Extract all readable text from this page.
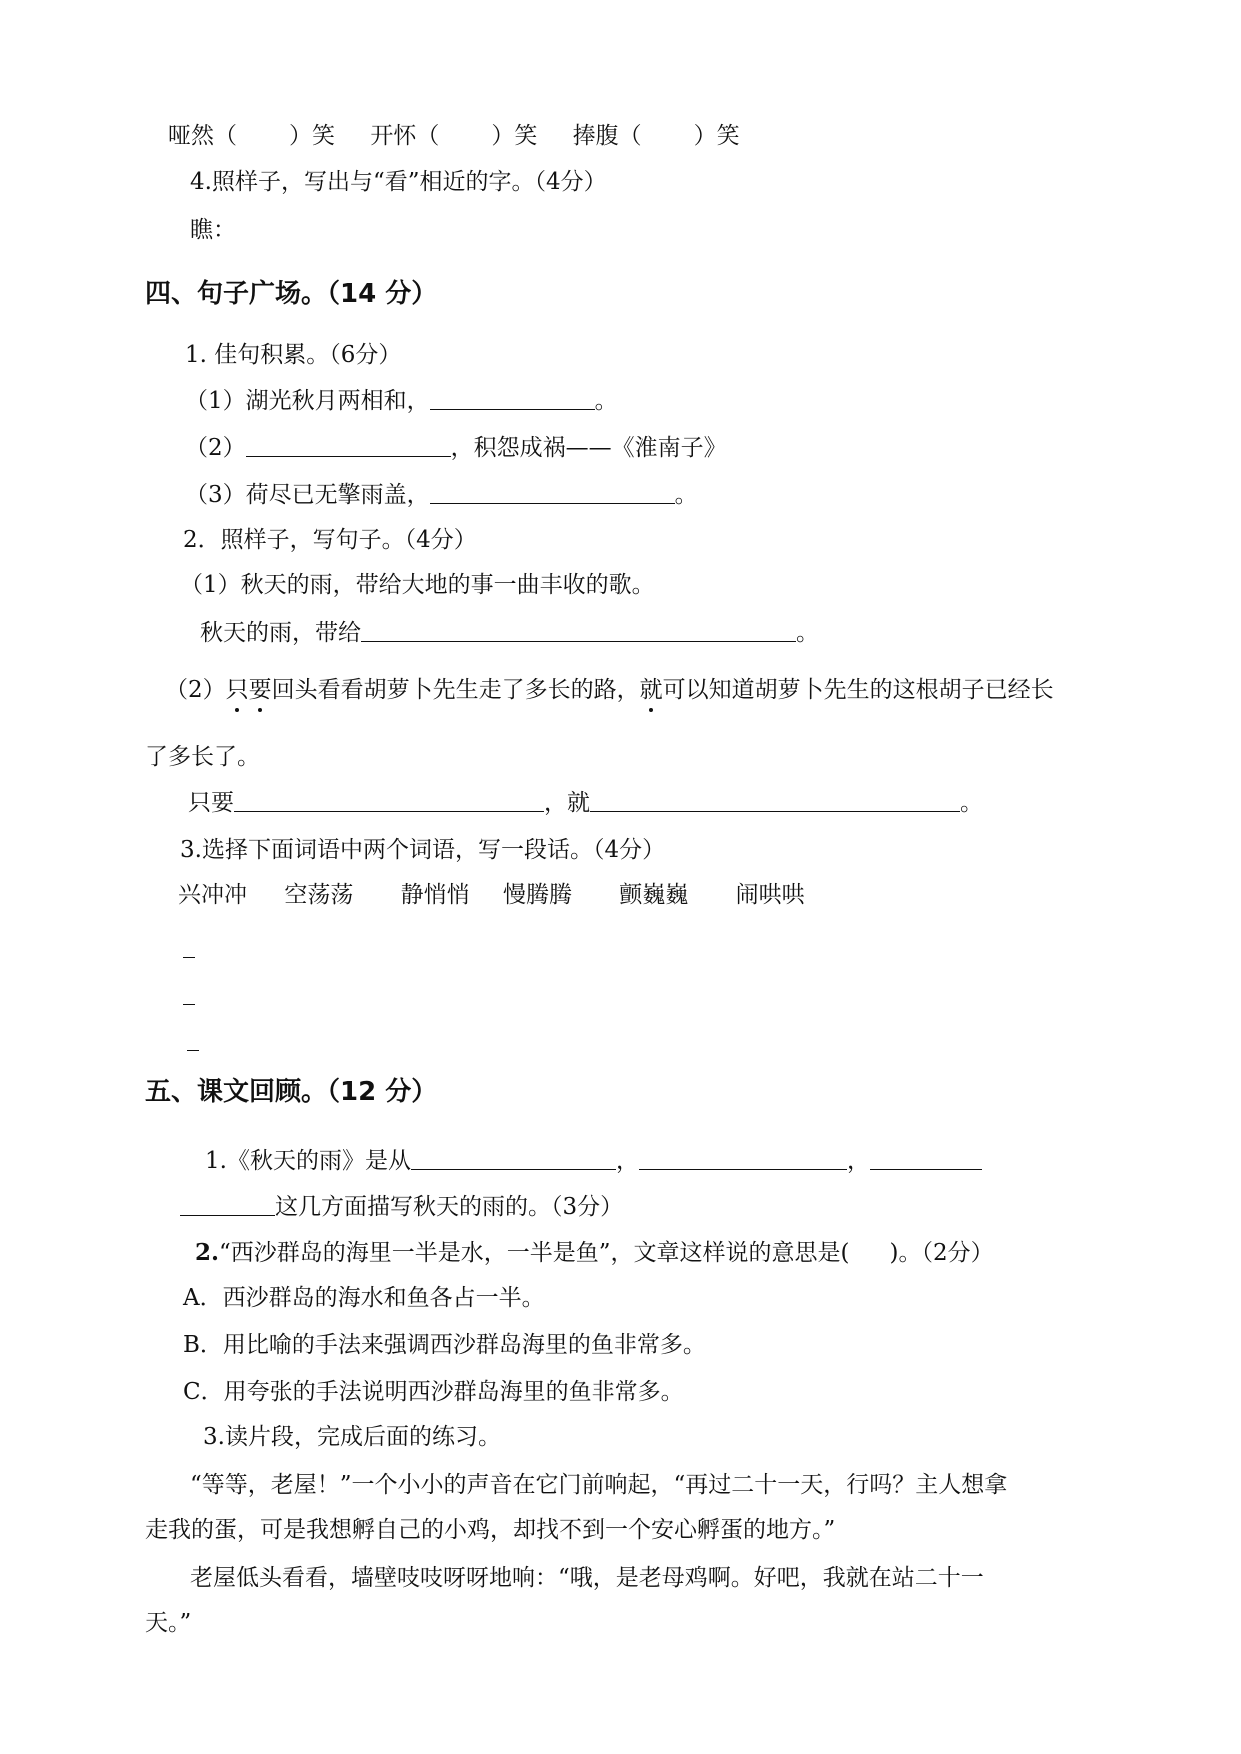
哑然（ ）笑 开怀（ ）笑 捧腹（ ）笑
4.照样子，写出与“看”相近的字。（4分）
瞧：
四、句子广场。（14 分）
1. 佳句积累。（6分）
（1）湖光秋月两相和，	。
（2）	，积怨成祸——《淮南子》
（3）荷尽已无擎雨盖，	。
2．照样子，写句子。（4分）
（1）秋天的雨，带给大地的事一曲丰收的歌。
秋天的雨，带给	。
（2）只要回头看看胡萝卜先生走了多长的路，就可以知道胡萝卜先生的这根胡子已经长
了多长了。
只要	，就	。
3.选择下面词语中两个词语，写一段话。（4分）
兴冲冲 空荡荡 静悄悄 慢腾腾 颤巍巍 闹哄哄
五、课文回顾。（12 分）
1.《秋天的雨》是从	，	，
这几方面描写秋天的雨的。（3分）
2.“西沙群岛的海里一半是水，一半是鱼”，文章这样说的意思是( )。（2分）
A．西沙群岛的海水和鱼各占一半。
B．用比喻的手法来强调西沙群岛海里的鱼非常多。
C．用夸张的手法说明西沙群岛海里的鱼非常多。
3.读片段，完成后面的练习。
“等等，老屋！”一个小小的声音在它门前响起，“再过二十一天，行吗？主人想拿
走我的蛋，可是我想孵自己的小鸡，却找不到一个安心孵蛋的地方。”
老屋低头看看，墙壁吱吱呀呀地响：“哦，是老母鸡啊。好吧，我就在站二十一
天。”
